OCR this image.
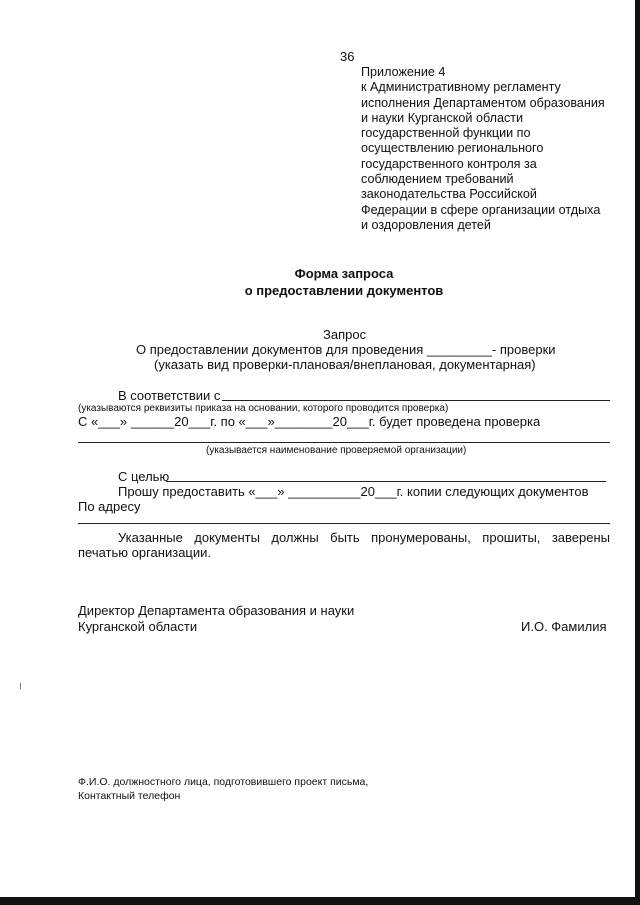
36
Приложение 4
к Административному регламенту
исполнения Департаментом образования
и науки Курганской области
государственной функции по
осуществлению регионального
государственного контроля за
соблюдением требований
законодательства Российской
Федерации в сфере организации отдыха
и оздоровления детей
Форма запроса
о предоставлении документов
Запрос
О предоставлении документов для проведения _________- проверки
(указать вид проверки-плановая/внеплановая, документарная)
В соответствии с
(указываются реквизиты приказа на основании, которого проводится проверка)
С «___» ______20___г. по «___»________20___г. будет проведена проверка
(указывается наименование проверяемой организации)
С целью
Прошу предоставить «___» __________20___г. копии следующих документов
По адресу
Указанные документы должны быть пронумерованы, прошиты, заверены
печатью организации.
Директор Департамента образования и науки
Курганской области	И.О. Фамилия
Ф.И.О. должностного лица, подготовившего проект письма,
Контактный телефон
